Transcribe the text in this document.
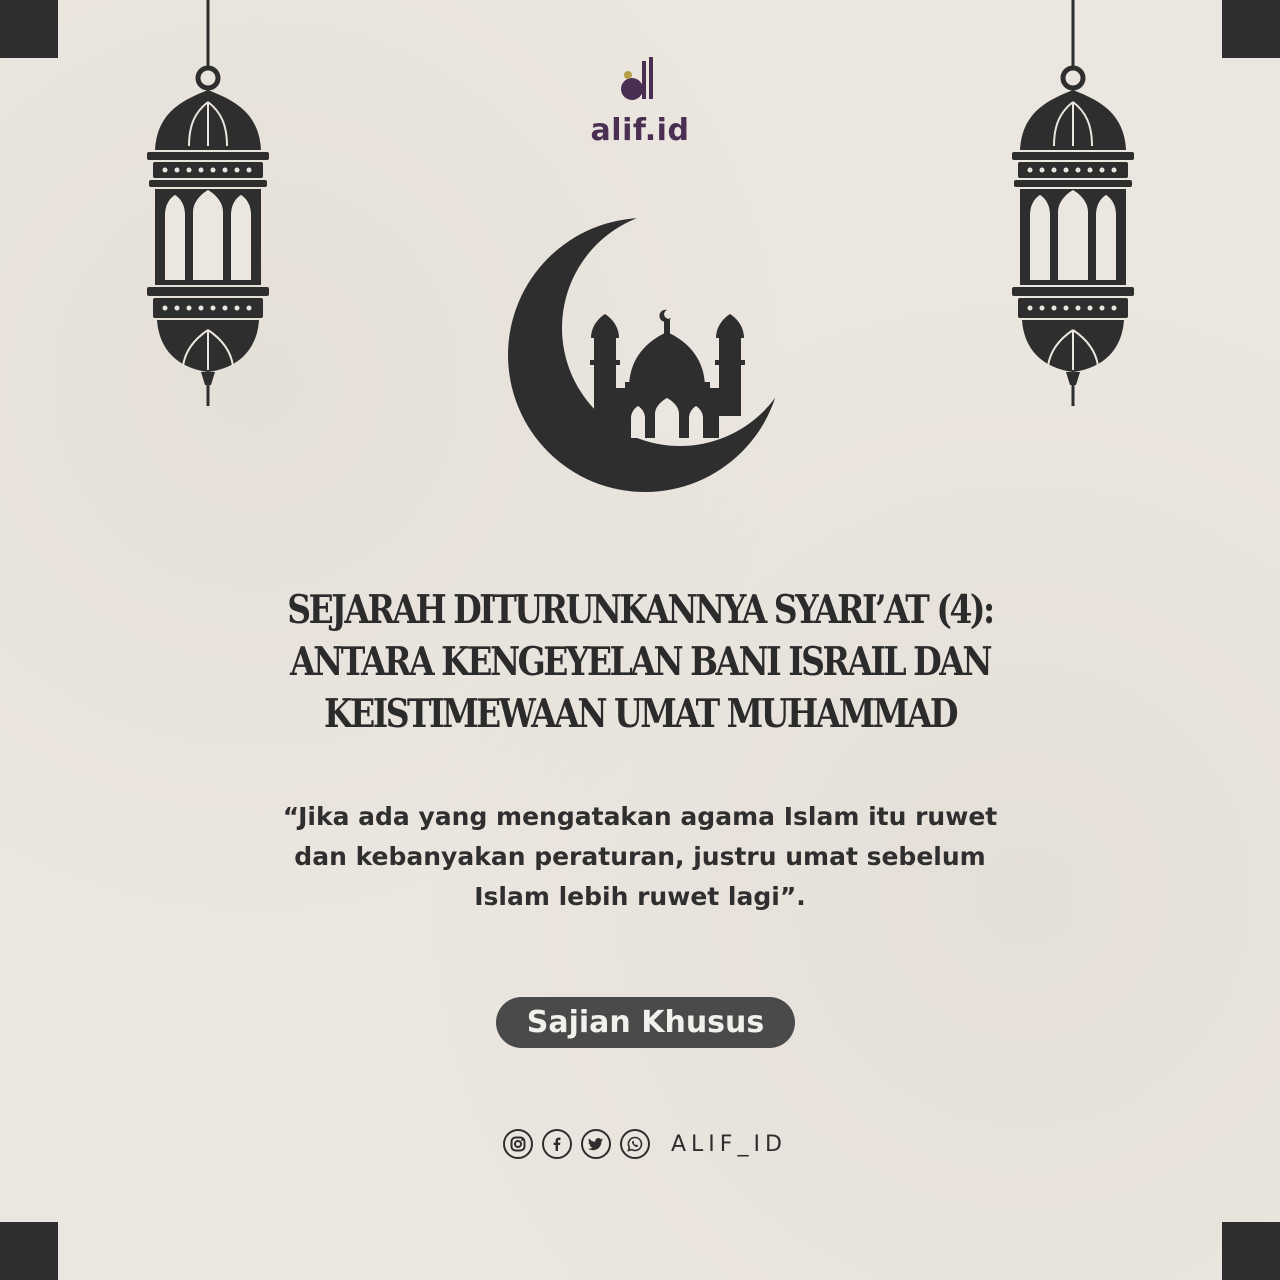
alif.id
SEJARAH DITURUNKANNYA SYARI’AT (4):
ANTARA KENGEYELAN BANI ISRAIL DAN
KEISTIMEWAAN UMAT MUHAMMAD
“Jika ada yang mengatakan agama Islam itu ruwet
dan kebanyakan peraturan, justru umat sebelum
Islam lebih ruwet lagi”.
Sajian Khusus
ALIF_ID
